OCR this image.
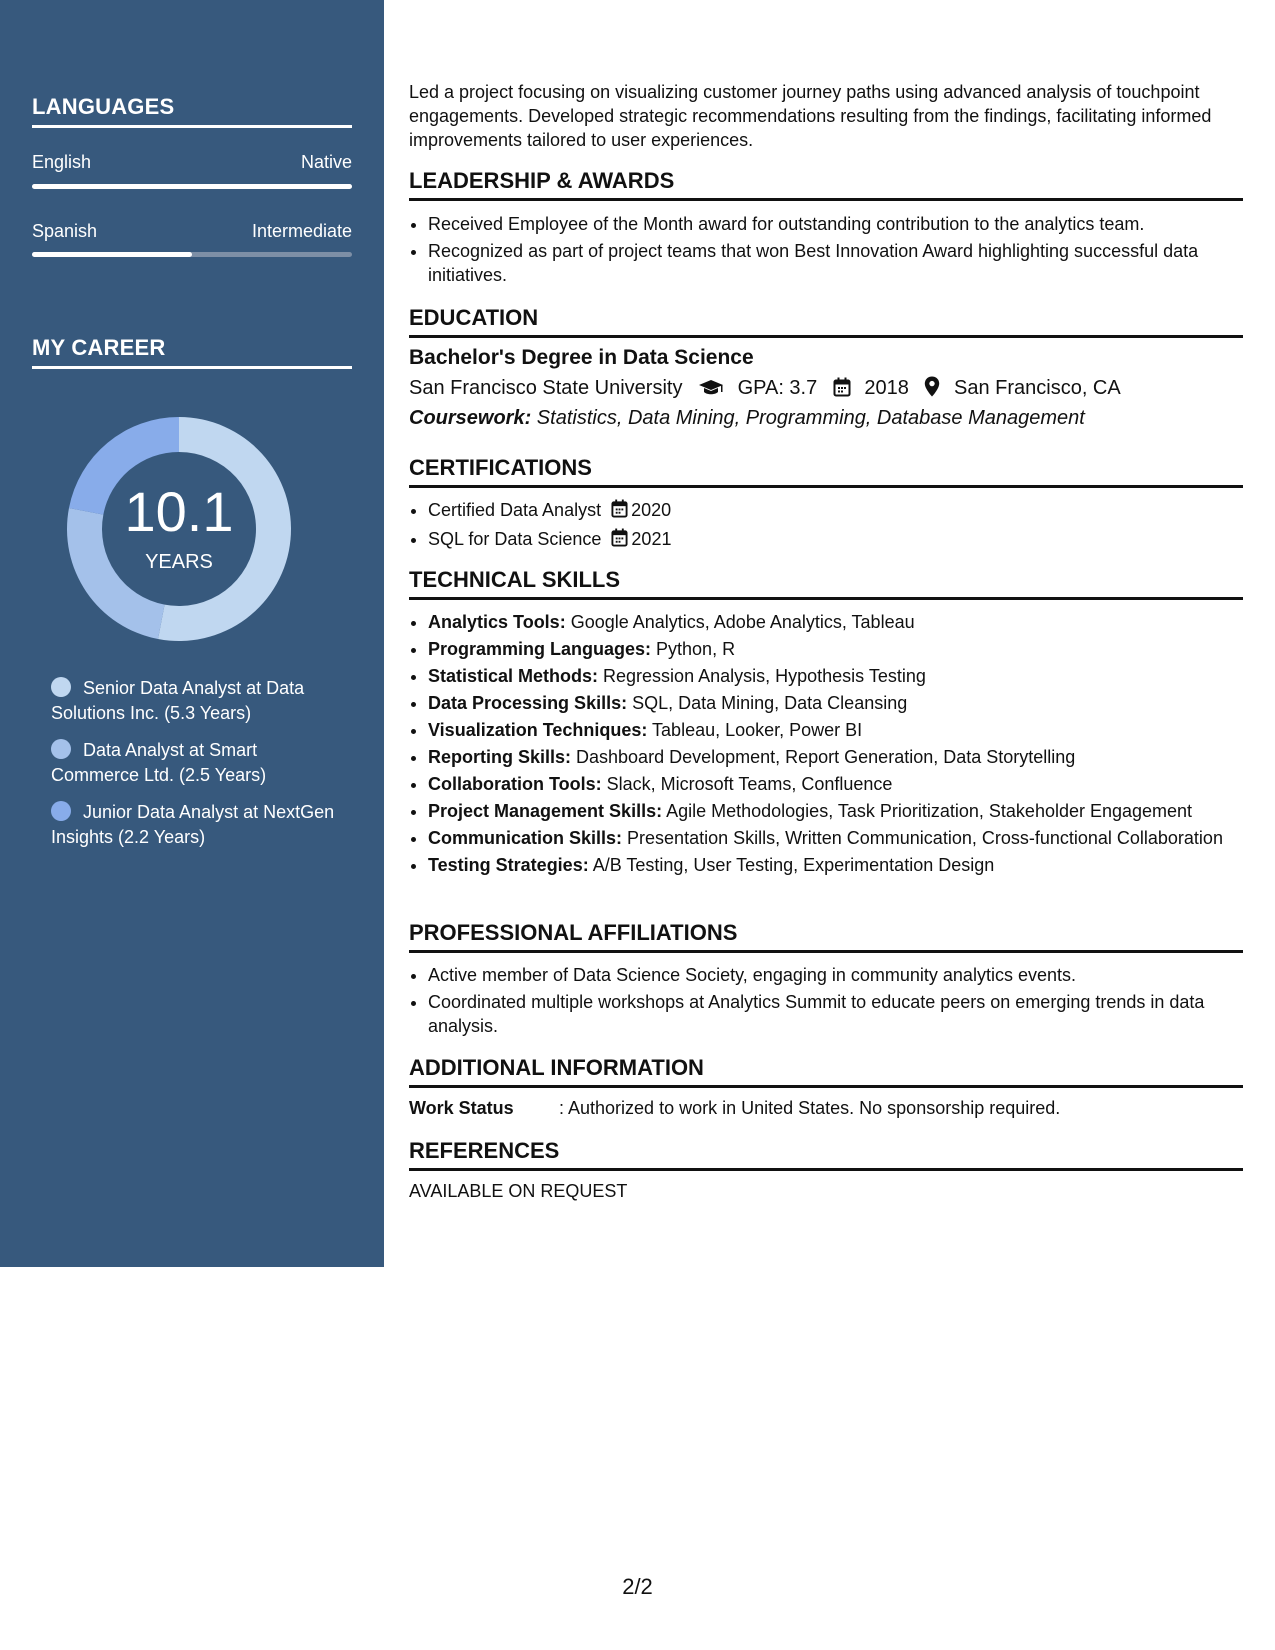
LANGUAGES
English	Native
Spanish	Intermediate
MY CAREER
10.1
YEARS
Senior Data Analyst at Data Solutions Inc. (5.3 Years)
Data Analyst at Smart Commerce Ltd. (2.5 Years)
Junior Data Analyst at NextGen Insights (2.2 Years)
Led a project focusing on visualizing customer journey paths using advanced analysis of touchpoint engagements. Developed strategic recommendations resulting from the findings, facilitating informed improvements tailored to user experiences.
LEADERSHIP & AWARDS
• Received Employee of the Month award for outstanding contribution to the analytics team.
• Recognized as part of project teams that won Best Innovation Award highlighting successful data initiatives.
EDUCATION
Bachelor's Degree in Data Science
San Francisco State University	GPA: 3.7 2018 San Francisco, CA
Coursework: Statistics, Data Mining, Programming, Database Management
CERTIFICATIONS
• Certified Data Analyst 2020
• SQL for Data Science 2021
TECHNICAL SKILLS
• Analytics Tools: Google Analytics, Adobe Analytics, Tableau
• Programming Languages: Python, R
• Statistical Methods: Regression Analysis, Hypothesis Testing
• Data Processing Skills: SQL, Data Mining, Data Cleansing
• Visualization Techniques: Tableau, Looker, Power BI
• Reporting Skills: Dashboard Development, Report Generation, Data Storytelling
• Collaboration Tools: Slack, Microsoft Teams, Confluence
• Project Management Skills: Agile Methodologies, Task Prioritization, Stakeholder Engagement
• Communication Skills: Presentation Skills, Written Communication, Cross-functional Collaboration
• Testing Strategies: A/B Testing, User Testing, Experimentation Design
PROFESSIONAL AFFILIATIONS
• Active member of Data Science Society, engaging in community analytics events.
• Coordinated multiple workshops at Analytics Summit to educate peers on emerging trends in data analysis.
ADDITIONAL INFORMATION
Work Status	: Authorized to work in United States. No sponsorship required.
REFERENCES
AVAILABLE ON REQUEST
2/2
